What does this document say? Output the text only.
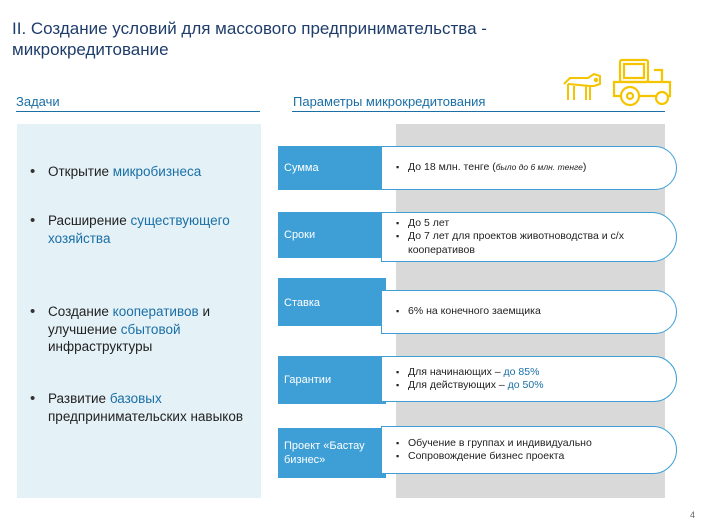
II. Создание условий для массового предпринимательства - микрокредитование
Задачи	Параметры микрокредитования
• Открытие микробизнеса
• Расширение существующего хозяйства
• Создание кооперативов и улучшение сбытовой инфраструктуры
• Развитие базовых предпринимательских навыков
Сумма
▪	До 18 млн. тенге (было до 6 млн. тенге)
Сроки
▪ До 5 лет
▪ До 7 лет для проектов животноводства и с/х кооперативов
Ставка
▪ 6% на конечного заемщика
Гарантии
▪ Для начинающих – до 85%
▪ Для действующих – до 50%
Проект «Бастау бизнес»
▪ Обучение в группах и индивидуально
▪ Сопровождение бизнес проекта
4
